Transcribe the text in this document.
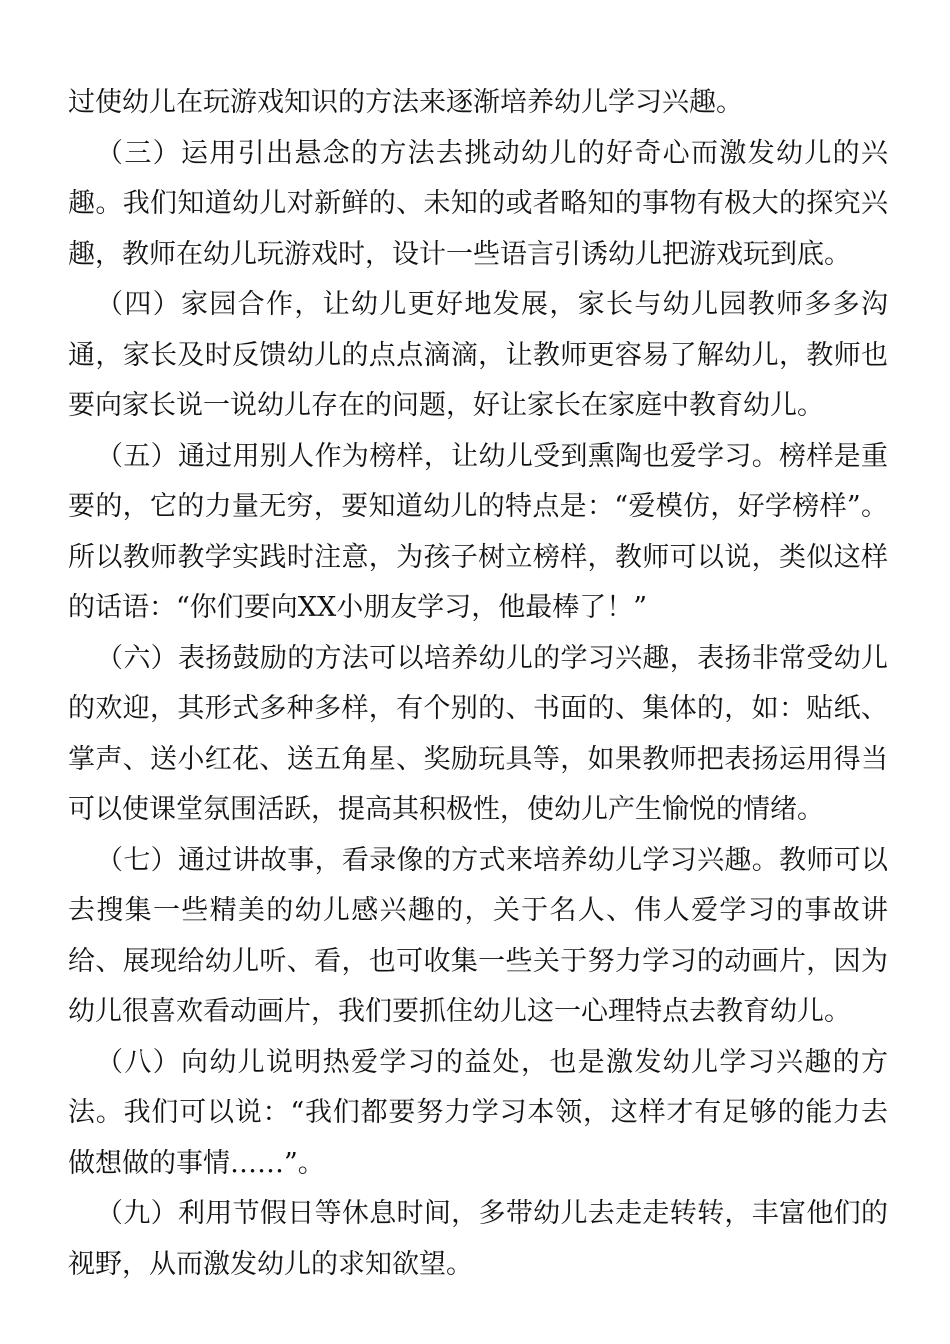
过使幼儿在玩游戏知识的方法来逐渐培养幼儿学习兴趣。

（三）运用引出悬念的方法去挑动幼儿的好奇心而激发幼儿的兴趣。我们知道幼儿对新鲜的、未知的或者略知的事物有极大的探究兴趣，教师在幼儿玩游戏时，设计一些语言引诱幼儿把游戏玩到底。

（四）家园合作，让幼儿更好地发展，家长与幼儿园教师多多沟通，家长及时反馈幼儿的点点滴滴，让教师更容易了解幼儿，教师也要向家长说一说幼儿存在的问题，好让家长在家庭中教育幼儿。

（五）通过用别人作为榜样，让幼儿受到熏陶也爱学习。榜样是重要的，它的力量无穷，要知道幼儿的特点是：“爱模仿，好学榜样”。所以教师教学实践时注意，为孩子树立榜样，教师可以说，类似这样的话语：“你们要向XX小朋友学习，他最棒了！”

（六）表扬鼓励的方法可以培养幼儿的学习兴趣，表扬非常受幼儿的欢迎，其形式多种多样，有个别的、书面的、集体的，如：贴纸、掌声、送小红花、送五角星、奖励玩具等，如果教师把表扬运用得当可以使课堂氛围活跃，提高其积极性，使幼儿产生愉悦的情绪。

（七）通过讲故事，看录像的方式来培养幼儿学习兴趣。教师可以去搜集一些精美的幼儿感兴趣的，关于名人、伟人爱学习的事故讲给、展现给幼儿听、看，也可收集一些关于努力学习的动画片，因为幼儿很喜欢看动画片，我们要抓住幼儿这一心理特点去教育幼儿。

（八）向幼儿说明热爱学习的益处，也是激发幼儿学习兴趣的方法。我们可以说：“我们都要努力学习本领，这样才有足够的能力去做想做的事情……”。

（九）利用节假日等休息时间，多带幼儿去走走转转，丰富他们的视野，从而激发幼儿的求知欲望。
